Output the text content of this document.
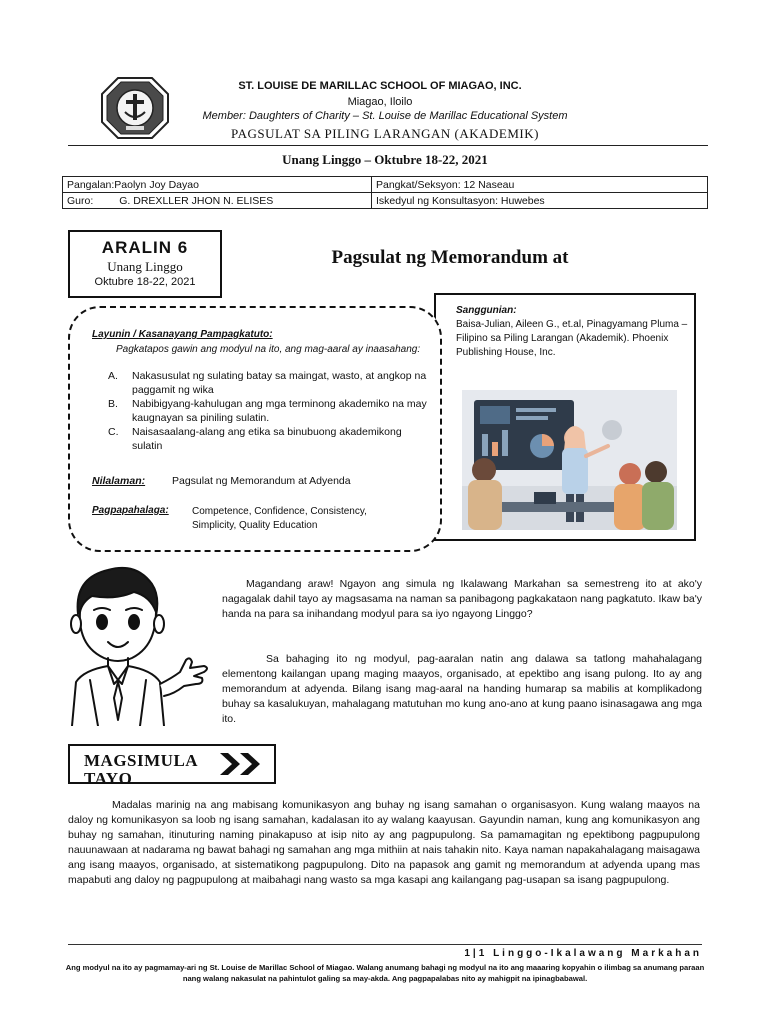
ST. LOUISE DE MARILLAC SCHOOL OF MIAGAO, INC.
Miagao, Iloilo
Member: Daughters of Charity – St. Louise de Marillac Educational System
PAGSULAT SA PILING LARANGAN (AKADEMIK)
Unang Linggo – Oktubre 18-22, 2021
Pangalan:Paolyn Joy Dayao	Pangkat/Seksyon: 12 Naseau
Guro: G. DREXLLER JHON N. ELISES	Iskedyul ng Konsultasyon: Huwebes
ARALIN 6
Unang Linggo
Oktubre 18-22, 2021
Pagsulat ng Memorandum at
Sanggunian:
Baisa-Julian, Aileen G., et.al, Pinagyamang Pluma – Filipino sa Piling Larangan (Akademik). Phoenix Publishing House, Inc.
Layunin / Kasanayang Pampagkatuto:
Pagkatapos gawin ang modyul na ito, ang mag-aaral ay inaasahang:
A. Nakasusulat ng sulating batay sa maingat, wasto, at angkop na paggamit ng wika
B. Nabibigyang-kahulugan ang mga terminong akademiko na may kaugnayan sa piniling sulatin.
C. Naisasaalang-alang ang etika sa binubuong akademikong sulatin
Nilalaman:	Pagsulat ng Memorandum at Adyenda
Pagpapahalaga: Competence, Confidence, Consistency, Simplicity, Quality Education
Magandang araw! Ngayon ang simula ng Ikalawang Markahan sa semestreng ito at ako'y nagagalak dahil tayo ay magsasama na naman sa panibagong pagkakataon nang pagkatuto. Ikaw ba'y handa na para sa inihandang modyul para sa iyo ngayong Linggo?
Sa bahaging ito ng modyul, pag-aaralan natin ang dalawa sa tatlong mahahalagang elementong kailangan upang maging maayos, organisado, at epektibo ang isang pulong. Ito ay ang memorandum at adyenda. Bilang isang mag-aaral na handing humarap sa mabilis at komplikadong buhay sa kasalukuyan, mahalagang matutuhan mo kung ano-ano at kung paano isinasagawa ang mga ito.
MAGSIMULA TAYO
Madalas marinig na ang mabisang komunikasyon ang buhay ng isang samahan o organisasyon. Kung walang maayos na daloy ng komunikasyon sa loob ng isang samahan, kadalasan ito ay walang kaayusan. Gayundin naman, kung ang komunikasyon ang buhay ng samahan, itinuturing naming pinakapuso at isip nito ay ang pagpupulong. Sa pamamagitan ng epektibong pagpupulong nauunawaan at nadarama ng bawat bahagi ng samahan ang mga mithiin at nais tahakin nito. Kaya naman napakahalagang maisagawa ang isang maayos, organisado, at sistematikong pagpupulong. Dito na papasok ang gamit ng memorandum at adyenda upang mas mapabuti ang daloy ng pagpupulong at maibahagi nang wasto sa mga kasapi ang kailangang pag-usapan sa isang pagpupulong.
1|1 Linggo-Ikalawang Markahan
Ang modyul na ito ay pagmamay-ari ng St. Louise de Marillac School of Miagao. Walang anumang bahagi ng modyul na ito ang maaaring kopyahin o ilimbag sa anumang paraan nang walang nakasulat na pahintulot galing sa may-akda. Ang pagpapalabas nito ay mahigpit na ipinagbabawal.
